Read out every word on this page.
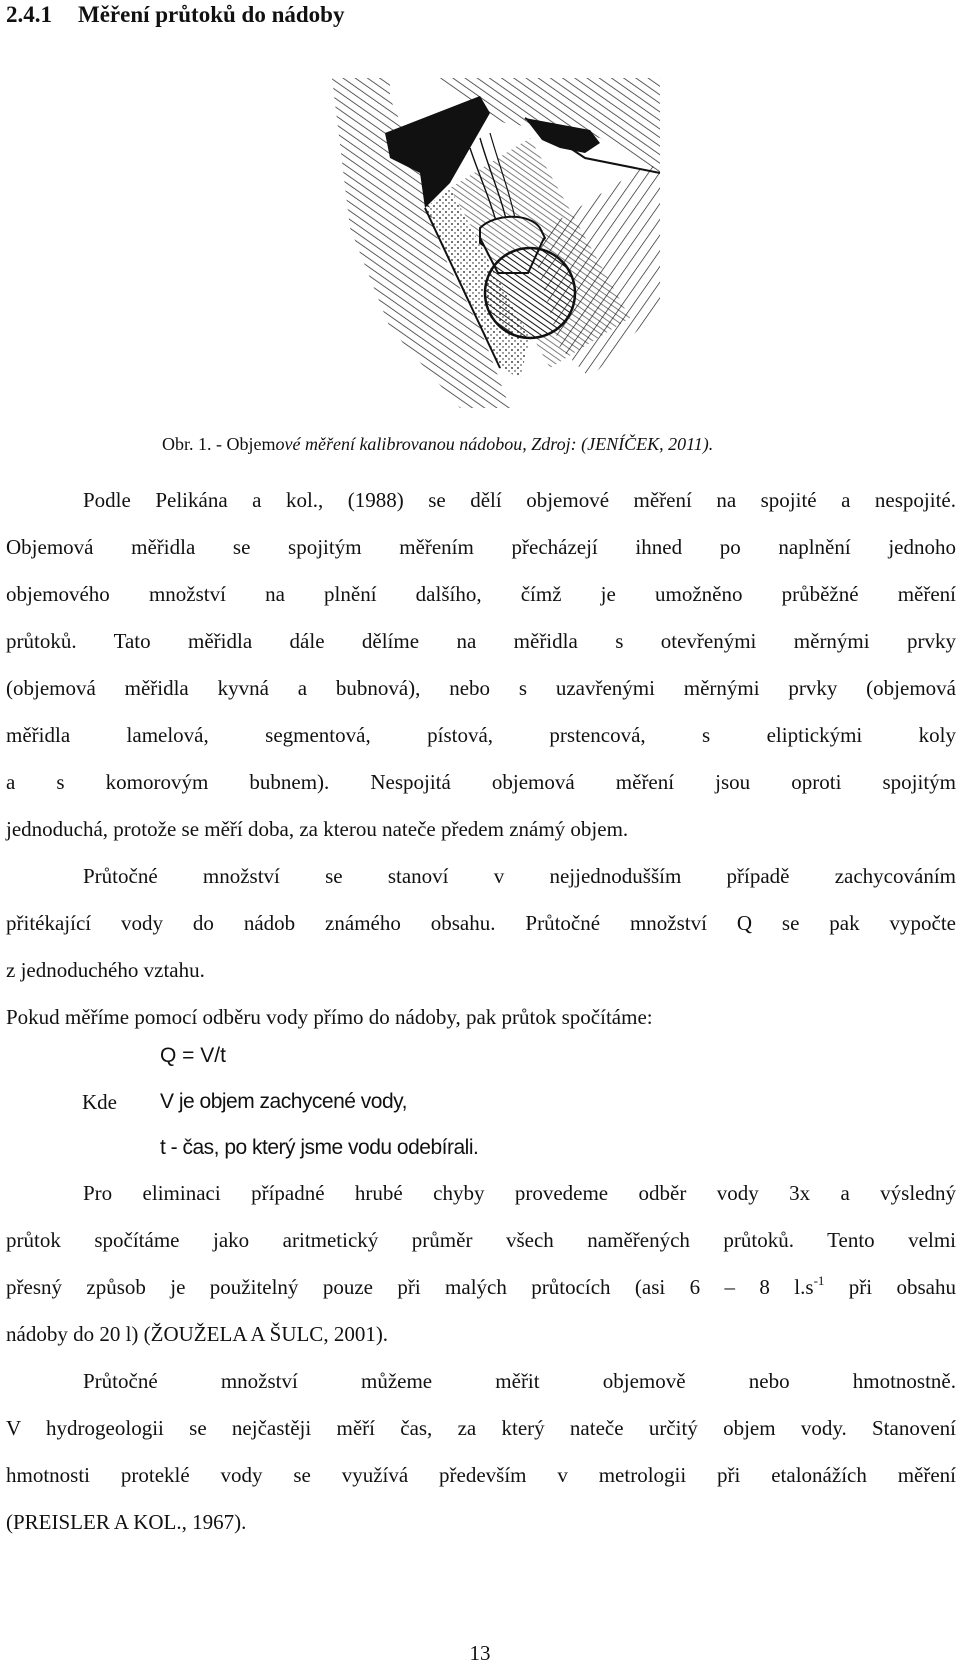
2.4.1 Měření průtoků do nádoby
Obr. 1. - Objemové měření kalibrovanou nádobou, Zdroj: (JENÍČEK, 2011).
Podle Pelikána a kol., (1988) se dělí objemové měření na spojité a nespojité.
Objemová měřidla se spojitým měřením přecházejí ihned po naplnění jednoho
objemového množství na plnění dalšího, čímž je umožněno průběžné měření
průtoků. Tato měřidla dále dělíme na měřidla s otevřenými měrnými prvky
(objemová měřidla kyvná a bubnová), nebo s uzavřenými měrnými prvky (objemová
měřidla lamelová, segmentová, pístová, prstencová, s eliptickými koly
a s komorovým bubnem). Nespojitá objemová měření jsou oproti spojitým
jednoduchá, protože se měří doba, za kterou nateče předem známý objem.
Průtočné množství se stanoví v nejjednodušším případě zachycováním
přitékající vody do nádob známého obsahu. Průtočné množství Q se pak vypočte
z jednoduchého vztahu.
Pokud měříme pomocí odběru vody přímo do nádoby, pak průtok spočítáme:
Q = V/t
Kde V je objem zachycené vody,
t - čas, po který jsme vodu odebírali.
Pro eliminaci případné hrubé chyby provedeme odběr vody 3x a výsledný
průtok spočítáme jako aritmetický průměr všech naměřených průtoků. Tento velmi
přesný způsob je použitelný pouze při malých průtocích (asi 6 – 8 $l.s^{-1}$ při obsahu
nádoby do 20 l) (ŽOUŽELA A ŠULC, 2001).
Průtočné množství můžeme měřit objemově nebo hmotnostně.
V hydrogeologii se nejčastěji měří čas, za který nateče určitý objem vody. Stanovení
hmotnosti proteklé vody se využívá především v metrologii při etalonážích měření
(PREISLER A KOL., 1967).
13
